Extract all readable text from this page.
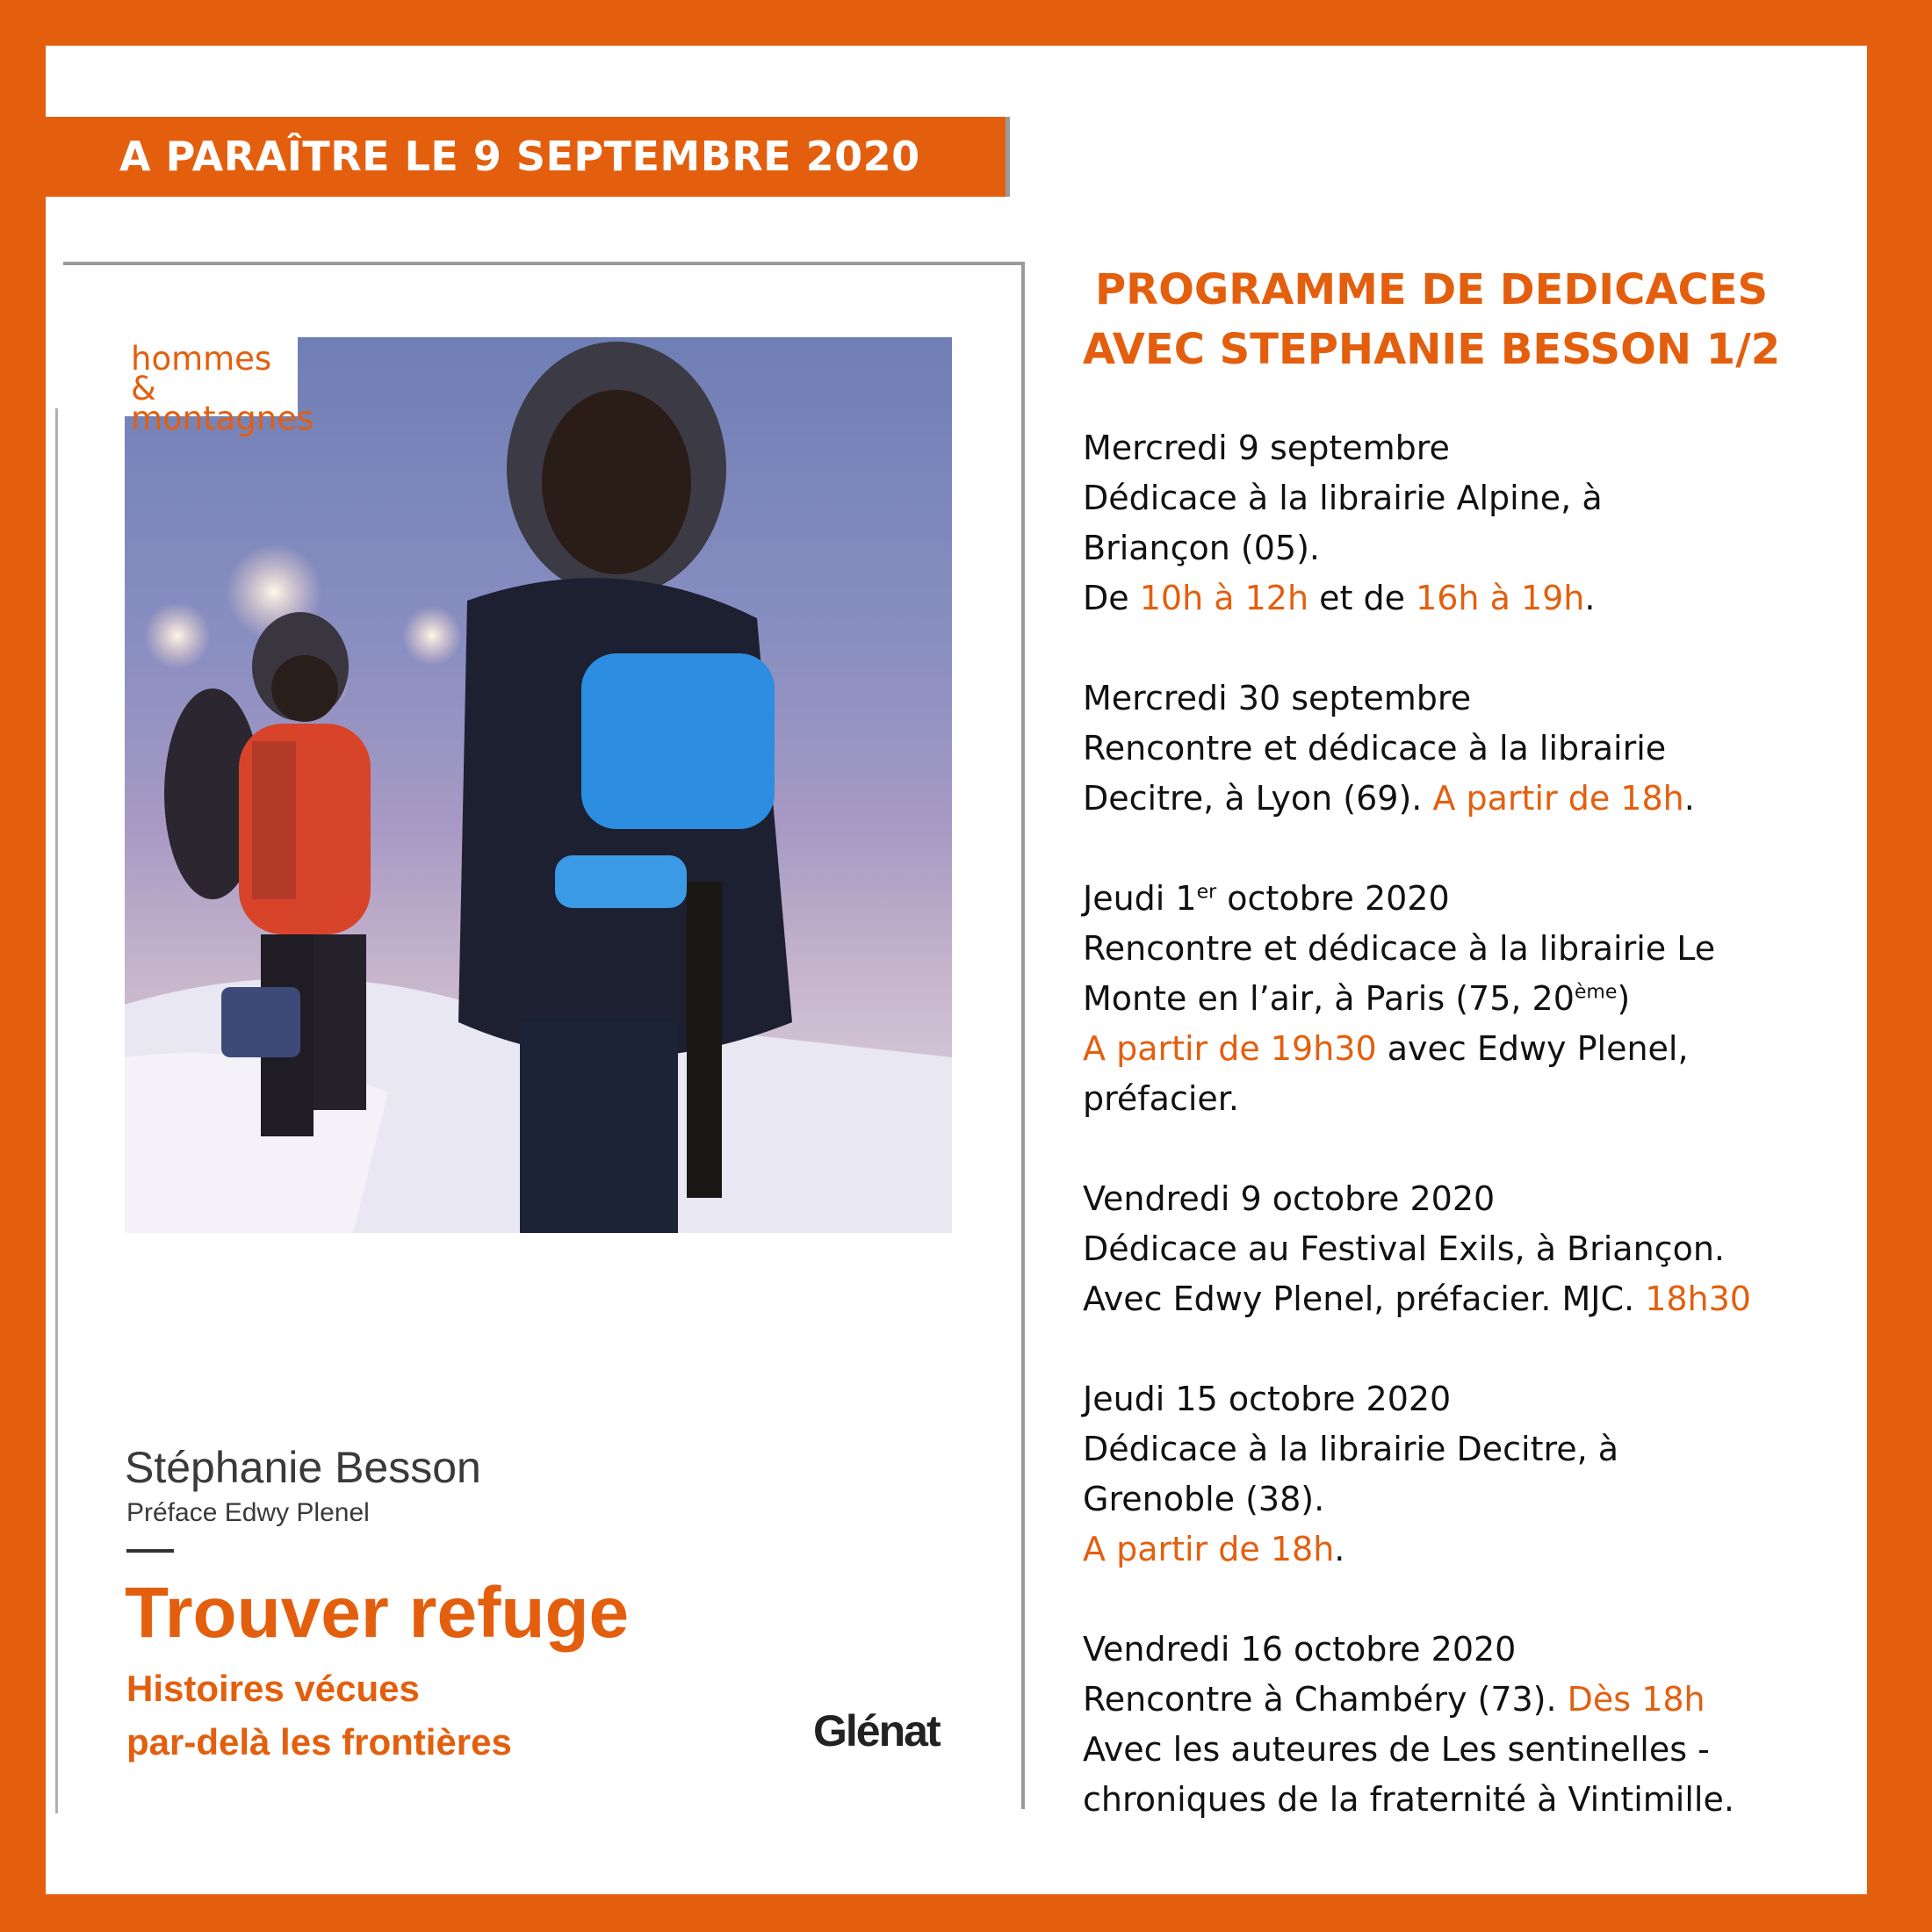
A PARAÎTRE LE 9 SEPTEMBRE 2020
hommes &
montagnes
Stéphanie Besson
Préface Edwy Plenel
Trouver refuge
Histoires vécues
par-delà les frontières	Glénat
PROGRAMME DE DEDICACES
AVEC STEPHANIE BESSON 1/2

Mercredi 9 septembre

Dédicace à la librairie Alpine, à

Briançon (05).

De 10h à 12h et de 16h à 19h.

Mercredi 30 septembre

Rencontre et dédicace à la librairie

Decitre, à Lyon (69). A partir de 18h.

Jeudi 1er octobre 2020

Rencontre et dédicace à la librairie Le

Monte en l’air, à Paris (75, 20ème)

A partir de 19h30 avec Edwy Plenel,

préfacier.

Vendredi 9 octobre 2020

Dédicace au Festival Exils, à Briançon.

Avec Edwy Plenel, préfacier. MJC. 18h30

Jeudi 15 octobre 2020

Dédicace à la librairie Decitre, à

Grenoble (38).

A partir de 18h.

Vendredi 16 octobre 2020

Rencontre à Chambéry (73). Dès 18h

Avec les auteures de Les sentinelles -

chroniques de la fraternité à Vintimille.
